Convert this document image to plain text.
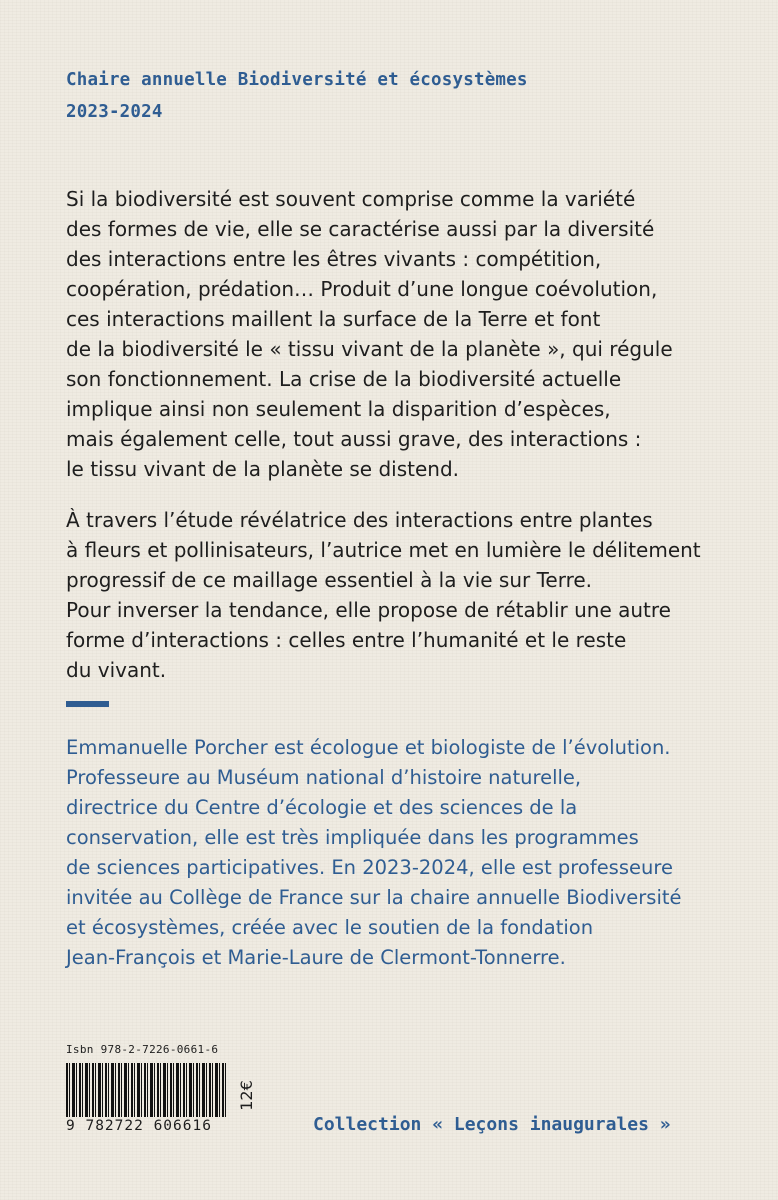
Chaire annuelle Biodiversité et écosystèmes
2023-2024
Si la biodiversité est souvent comprise comme la variété
des formes de vie, elle se caractérise aussi par la diversité
des interactions entre les êtres vivants : compétition,
coopération, prédation… Produit d’une longue coévolution,
ces interactions maillent la surface de la Terre et font
de la biodiversité le « tissu vivant de la planète », qui régule
son fonctionnement. La crise de la biodiversité actuelle
implique ainsi non seulement la disparition d’espèces,
mais également celle, tout aussi grave, des interactions :
le tissu vivant de la planète se distend.
À travers l’étude révélatrice des interactions entre plantes
à fleurs et pollinisateurs, l’autrice met en lumière le délitement
progressif de ce maillage essentiel à la vie sur Terre.
Pour inverser la tendance, elle propose de rétablir une autre
forme d’interactions : celles entre l’humanité et le reste
du vivant.
Emmanuelle Porcher est écologue et biologiste de l’évolution.
Professeure au Muséum national d’histoire naturelle,
directrice du Centre d’écologie et des sciences de la
conservation, elle est très impliquée dans les programmes
de sciences participatives. En 2023-2024, elle est professeure
invitée au Collège de France sur la chaire annuelle Biodiversité
et écosystèmes, créée avec le soutien de la fondation
Jean-François et Marie-Laure de Clermont-Tonnerre.
Isbn 978-2-7226-0661-6
9 782722 606616
12€
Collection « Leçons inaugurales »
